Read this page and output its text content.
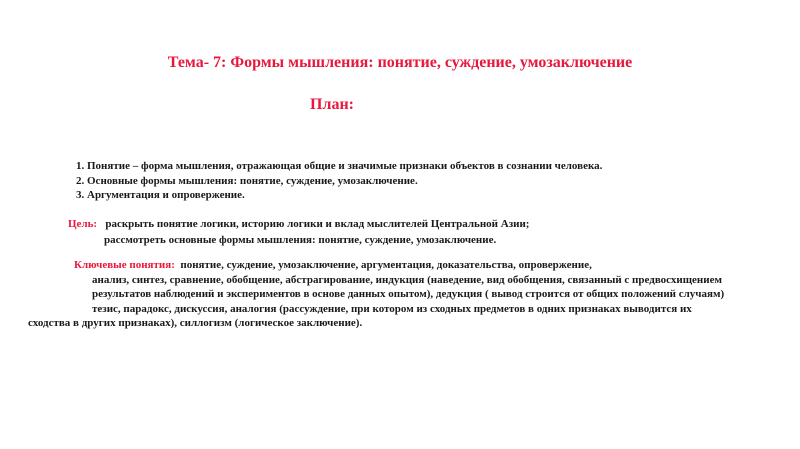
Тема- 7: Формы мышления: понятие, суждение, умозаключение
План:
1. Понятие – форма мышления, отражающая общие и значимые признаки объектов в сознании человека.
2. Основные формы мышления: понятие, суждение, умозаключение.
3. Аргументация и опровержение.
Цель: раскрыть понятие логики, историю логики и вклад мыслителей Центральной Азии;
рассмотреть основные формы мышления: понятие, суждение, умозаключение.
Ключевые понятия: понятие, суждение, умозаключение, аргументация, доказательства, опровержение,
анализ, синтез, сравнение, обобщение, абстрагирование, индукция (наведение, вид обобщения, связанный с предвосхищением
результатов наблюдений и экспериментов в основе данных опытом), дедукция ( вывод строится от общих положений случаям)
тезис, парадокс, дискуссия, аналогия (рассуждение, при котором из сходных предметов в одних признаках выводится их
сходства в других признаках), силлогизм (логическое заключение).
